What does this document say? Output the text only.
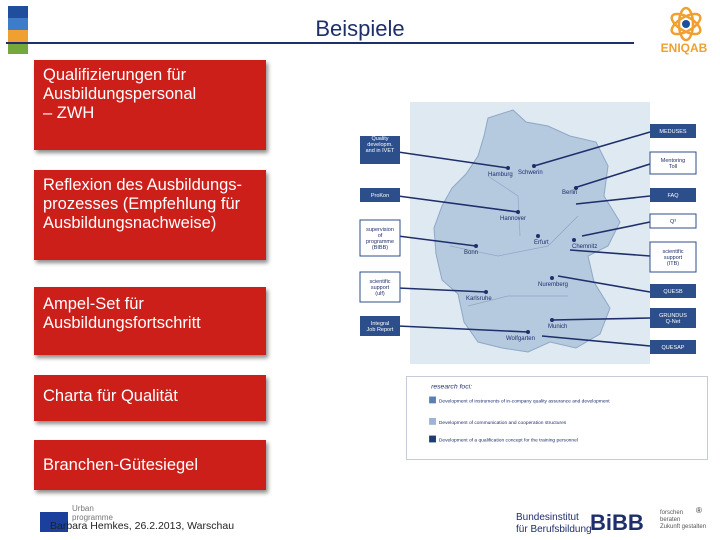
Beispiele
ENIQAB
Qualifizierungen für
Ausbildungspersonal
– ZWH
Reflexion des Ausbildungs-
prozesses (Empfehlung für
Ausbildungsnachweise)
Ampel-Set für
Ausbildungsfortschritt
Charta für Qualität
Branchen-Gütesiegel
Hamburg Schwerin
Berlin
Hannover
Bonn
Erfurt
Chemnitz
Nuremberg
Karlsruhe
Munich
Wolfgarten
Quality developm. and in IVET
ProKon
supervision of programme (BIBB)
scientific support (ulf)
Integral Job Report
MEDUSES
Mentoring Toll
FAQ
Q³
scientific support (ITB)
QUESB
GRUNDUS Q-Net
QUESAP
research foci:
Development of instruments of in-company quality assurance and development
Development of communication and cooperation structures
Development of a qualification concept for the training personnel
Urban
programme
Barbara Hemkes, 26.2.2013, Warschau
Bundesinstitut
für Berufsbildung
BiBB	forschen
beraten
Zukunft gestalten
®
